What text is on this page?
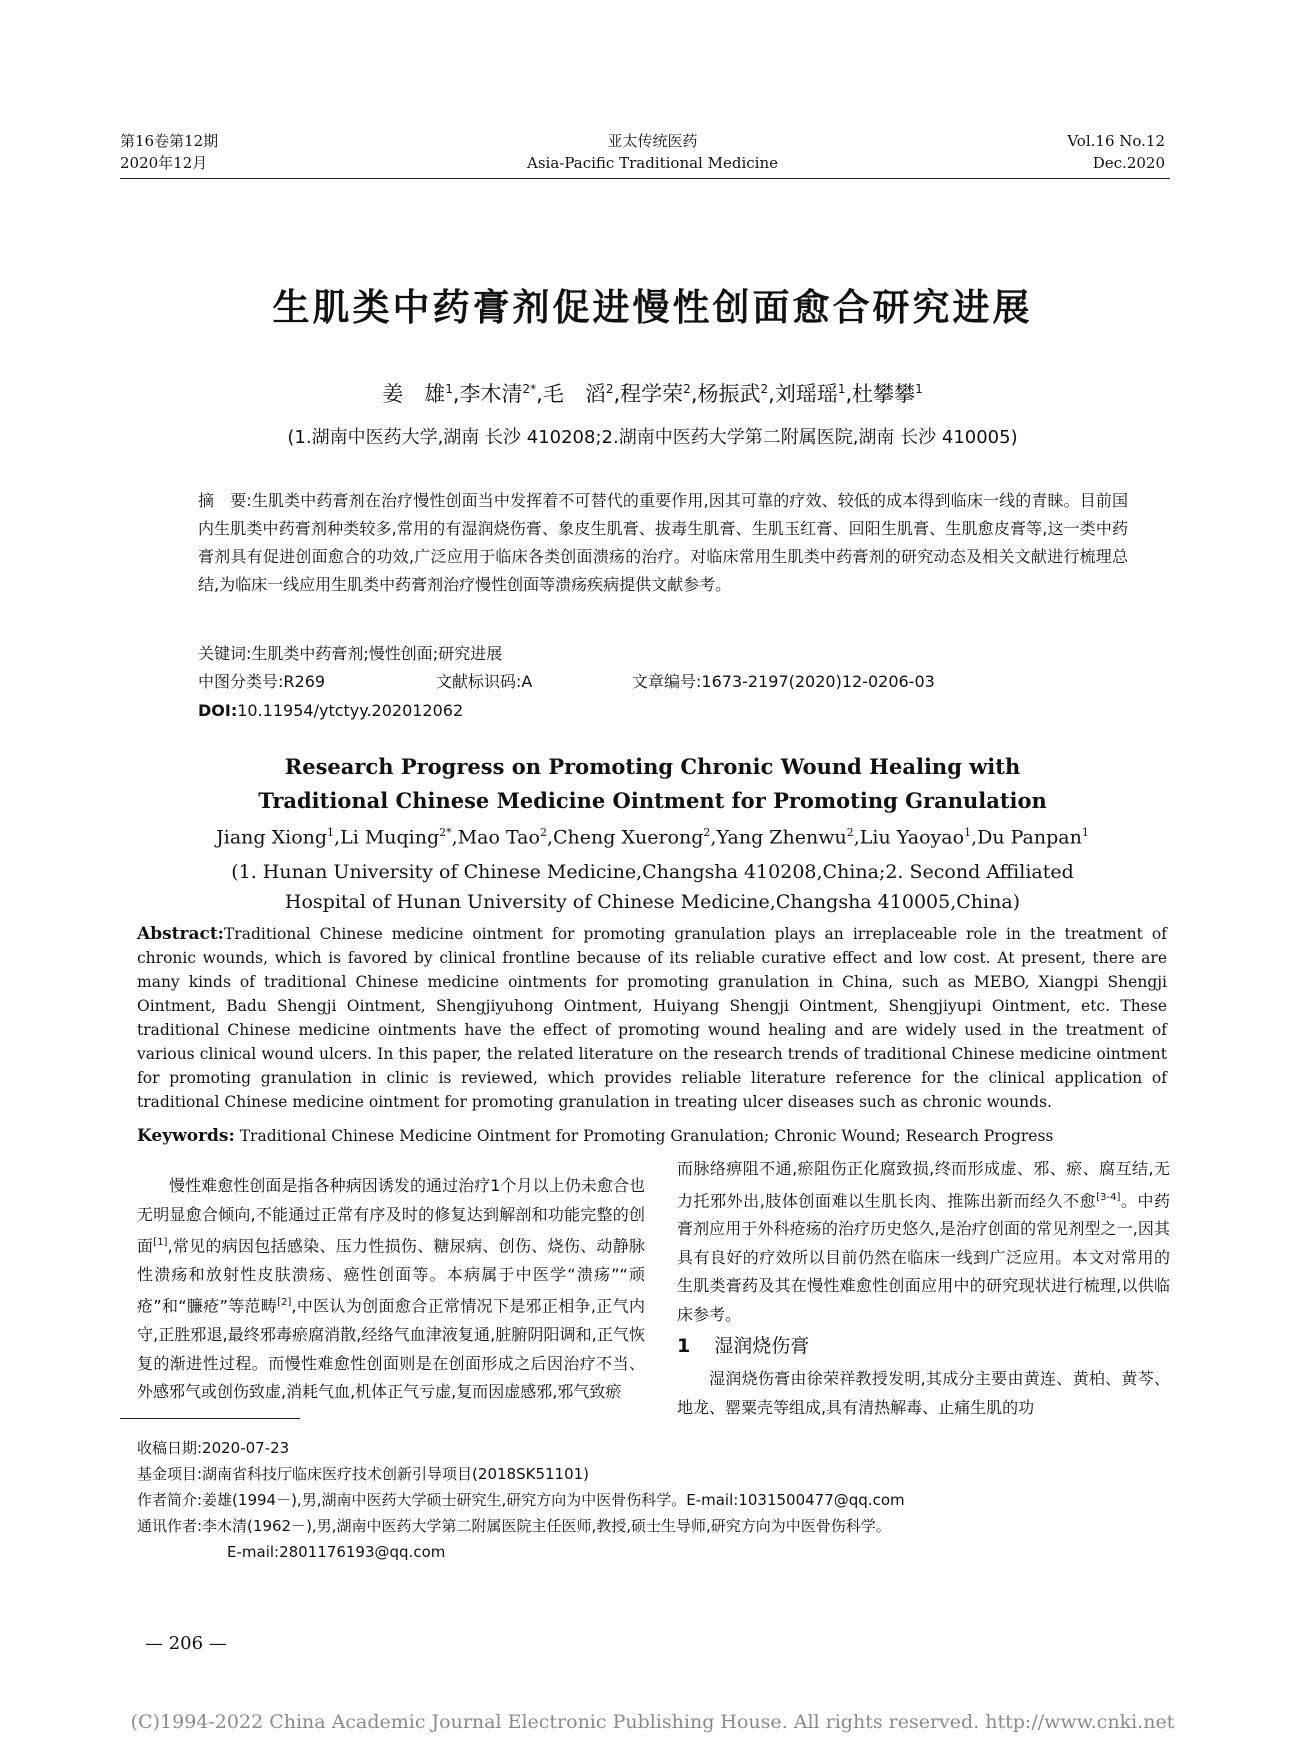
第16卷第12期
2020年12月
亚太传统医药
Asia-Pacific Traditional Medicine
Vol.16 No.12
Dec.2020
生肌类中药膏剂促进慢性创面愈合研究进展
姜　雄$^1$,李木清$^{2*}$,毛　滔$^2$,程学荣$^2$,杨振武$^2$,刘瑶瑶$^1$,杜攀攀$^1$
(1.湖南中医药大学,湖南 长沙 410208;2.湖南中医药大学第二附属医院,湖南 长沙 410005)
摘　要:生肌类中药膏剂在治疗慢性创面当中发挥着不可替代的重要作用,因其可靠的疗效、较低的成本得到临床一线的青睐。目前国内生肌类中药膏剂种类较多,常用的有湿润烧伤膏、象皮生肌膏、拔毒生肌膏、生肌玉红膏、回阳生肌膏、生肌愈皮膏等,这一类中药膏剂具有促进创面愈合的功效,广泛应用于临床各类创面溃疡的治疗。对临床常用生肌类中药膏剂的研究动态及相关文献进行梳理总结,为临床一线应用生肌类中药膏剂治疗慢性创面等溃疡疾病提供文献参考。
关键词:生肌类中药膏剂;慢性创面;研究进展
中图分类号:R269	文献标识码:A	文章编号:1673-2197(2020)12-0206-03
DOI:10.11954/ytctyy.202012062
Research Progress on Promoting Chronic Wound Healing with
Traditional Chinese Medicine Ointment for Promoting Granulation
Jiang Xiong$^1$,Li Muqing$^{2*}$,Mao Tao$^2$,Cheng Xuerong$^2$,Yang Zhenwu$^2$,Liu Yaoyao$^1$,Du Panpan$^1$
(1. Hunan University of Chinese Medicine,Changsha 410208,China;2. Second Affiliated
Hospital of Hunan University of Chinese Medicine,Changsha 410005,China)
Abstract:Traditional Chinese medicine ointment for promoting granulation plays an irreplaceable role in the treatment of chronic wounds, which is favored by clinical frontline because of its reliable curative effect and low cost. At present, there are many kinds of traditional Chinese medicine ointments for promoting granulation in China, such as MEBO, Xiangpi Shengji Ointment, Badu Shengji Ointment, Shengjiyuhong Ointment, Huiyang Shengji Ointment, Shengjiyupi Ointment, etc. These traditional Chinese medicine ointments have the effect of promoting wound healing and are widely used in the treatment of various clinical wound ulcers. In this paper, the related literature on the research trends of traditional Chinese medicine ointment for promoting granulation in clinic is reviewed, which provides reliable literature reference for the clinical application of traditional Chinese medicine ointment for promoting granulation in treating ulcer diseases such as chronic wounds.
Keywords: Traditional Chinese Medicine Ointment for Promoting Granulation; Chronic Wound; Research Progress

慢性难愈性创面是指各种病因诱发的通过治疗1个月以上仍未愈合也无明显愈合倾向,不能通过正常有序及时的修复达到解剖和功能完整的创面[1],常见的病因包括感染、压力性损伤、糖尿病、创伤、烧伤、动静脉性溃疡和放射性皮肤溃疡、癌性创面等。本病属于中医学“溃疡”“顽疮”和“臁疮”等范畴[2],中医认为创面愈合正常情况下是邪正相争,正气内守,正胜邪退,最终邪毒瘀腐消散,经络气血津液复通,脏腑阴阳调和,正气恢复的渐进性过程。而慢性难愈性创面则是在创面形成之后因治疗不当、外感邪气或创伤致虚,消耗气血,机体正气亏虚,复而因虚感邪,邪气致瘀

而脉络痹阻不通,瘀阻伤正化腐致损,终而形成虚、邪、瘀、腐互结,无力托邪外出,肢体创面难以生肌长肉、推陈出新而经久不愈[3-4]。中药膏剂应用于外科疮疡的治疗历史悠久,是治疗创面的常见剂型之一,因其具有良好的疗效所以目前仍然在临床一线到广泛应用。本文对常用的生肌类膏药及其在慢性难愈性创面应用中的研究现状进行梳理,以供临床参考。

1 湿润烧伤膏

湿润烧伤膏由徐荣祥教授发明,其成分主要由黄连、黄柏、黄芩、地龙、罂粟壳等组成,具有清热解毒、止痛生肌的功

收稿日期:2020-07-23
基金项目:湖南省科技厅临床医疗技术创新引导项目(2018SK51101)
作者简介:姜雄(1994－),男,湖南中医药大学硕士研究生,研究方向为中医骨伤科学。E-mail:1031500477@qq.com
通讯作者:李木清(1962－),男,湖南中医药大学第二附属医院主任医师,教授,硕士生导师,研究方向为中医骨伤科学。
E-mail:2801176193@qq.com
— 206 —
(C)1994-2022 China Academic Journal Electronic Publishing House. All rights reserved. http://www.cnki.net
